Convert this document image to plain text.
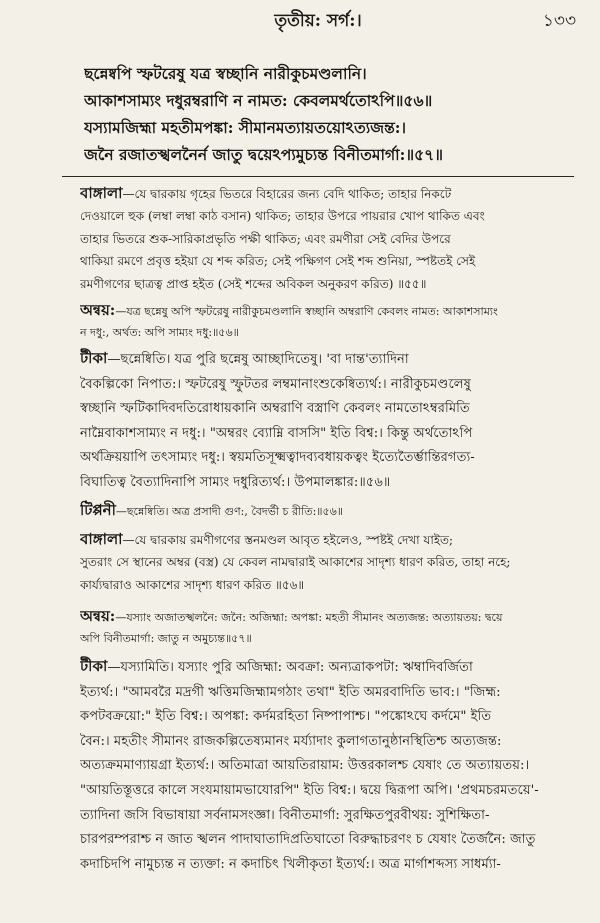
তৃতীয়: সর্গ:।	১৩৩
ছন্নেষ্বপি স্ফটরেষু যত্র স্বচ্ছানি নারীকুচমণ্ডলানি।
আকাশসাম্যং দধুরম্বরাণি ন নামত: কেবলমর্থতোঽপি॥৫৬॥
যস্যামজিহ্মা মহতীমপঙ্কা: সীমানমত্যায়তয়োঽত্যজন্ত:।
জনৈ রজাতস্খলনৈর্ন জাতু দ্বয়েঽপ্যমুচ্যন্ত বিনীতমার্গা:॥৫৭॥
বাঙ্গালা—যে দ্বারকায় গৃহের ভিতরে বিহারের জন্য বেদি থাকিত; তাহার নিকটে
দেওয়ালে হুক (লম্বা লম্বা কাঠ বসান) থাকিত; তাহার উপরে পায়রার খোপ থাকিত এবং
তাহার ভিতরে শুক-সারিকাপ্রভৃতি পক্ষী থাকিত; এবং রমণীরা সেই বেদির উপরে
থাকিয়া রমণে প্রবৃত্ত হইয়া যে শব্দ করিত; সেই পক্ষিগণ সেই শব্দ শুনিয়া, স্পষ্টতই সেই
রমণীগণের ছাত্রত্ব প্রাপ্ত হইত (সেই শব্দের অবিকল অনুকরণ করিত) ॥৫৫॥
অন্বয়:—যত্র ছন্নেষু অপি স্ফটরেষু নারীকুচমণ্ডলানি স্বচ্ছানি অম্বরাণি কেবলং নামত: আকাশসাম্যং
ন দধু:, অর্থত: অপি সাম্যং দধু:॥৫৬॥
টীকা—ছন্নেষ্বিতি। যত্র পুরি ছন্নেষু আচ্ছাদিতেষু। 'বা দান্ত'ত্যাদিনা
বৈকল্পিকো নিপাত:। স্ফটরেষু স্ফুটতর লম্বমানাংশুকেষ্বিত্যর্থ:। নারীকুচমণ্ডলেষু
স্বচ্ছানি স্ফটিকাদিবদতিরোধায়কানি অম্বরাণি বস্ত্রাণি কেবলং নামতোঽম্বরমিতি
নাম্নৈবাকাশসাম্যং ন দধু:। "অম্বরং ব্যোম্নি বাসসি" ইতি বিশ্ব:। কিন্তু অর্থতোঽপি
অর্থক্রিয়য়াপি তৎসাম্যং দধু:। স্বয়মতিসূক্ষ্মত্বাদব্যবধায়কত্বং ইত্যেতৈর্ম্ভান্তিরগত্য-
বিঘাতিত্ব বৈত্যাদিনাপি সাম্যং দধুরিত্যর্থ:। উপমালঙ্কার:॥৫৬॥
টিপ্পনী—ছন্নেষ্বিতি। অত্র প্রসাদী গুণ:, বৈদর্ভী চ রীতি:॥৫৬॥
বাঙ্গালা—যে দ্বারকায় রমণীগণের স্তনমণ্ডল আবৃত হইলেও, স্পষ্টই দেখা যাইত;
সুতরাং সে স্থানের অম্বর (বস্ত্র) যে কেবল নামদ্বারাই আকাশের সাদৃশ্য ধারণ করিত, তাহা নহে;
কার্য্যদ্বারাও আকাশের সাদৃশ্য ধারণ করিত ॥৫৬॥
অন্বয়:—যস্যাং অজাতস্খলনৈ: জনৈ: অজিহ্মা: অপঙ্কা: মহতী সীমানং অত্যজন্ত: অত্যায়তয়: দ্বয়ে
অপি বিনীতমার্গা: জাতু ন অমুচ্যন্ত॥৫৭॥
টীকা—যস্যামিতি। যস্যাং পুরি অজিহ্মা: অবক্রা: অন্যত্রাকপটা: ঋম্বাদিবর্জিতা
ইত্যর্থ:। "আমবরৈ মদ্রগী ঋত্তিমজিহ্মামগঠাং তথা" ইতি অমরবাদিতি ভাব:। "জিহ্ম:
কপটবক্রয়ো:" ইতি বিশ্ব:। অপঙ্কা: কর্দমরহিতা নিষ্পাপাশ্চ। "পঙ্কোঽঘে কর্দমে" ইতি
বৈন:। মহতীং সীমানং রাজকল্পিতেষ্যমানং মর্য্যাদাং কুলাগতানুষ্ঠানস্থিতিশ্চ অত্যজন্ত:
অত্যক্রমমাণ্যায়গ্রা ইত্যর্থ:। অতিমাত্রা আয়তিরায়াম: উত্তরকালশ্চ যেষাং তে অত্যায়তয়:।
"আয়তিস্তূত্তরে কালে সংযমায়ামভাযোরপি" ইতি বিশ্ব:। দ্বয়ে দ্বিরূপা অপি। 'প্রথমচরমতয়ে'-
ত্যাদিনা জসি বিভাষায়া সর্বনামসংজ্ঞা। বিনীতমার্গা: সুরক্ষিতপুরবীথয়: সুশিক্ষিতা-
চারপরম্পরাশ্চ ন জাত স্খলন পাদাঘাতাদিপ্রতিঘাতো বিরুদ্ধাচরণং চ যেষাং তৈর্জনৈ: জাতু
কদাচিদপি নামুচ্যন্ত ন ত্যক্তা: ন কদাচিৎ খিলীকৃতা ইত্যর্থ:। অত্র মার্গাশব্দস্য সাধর্ম্যা-
